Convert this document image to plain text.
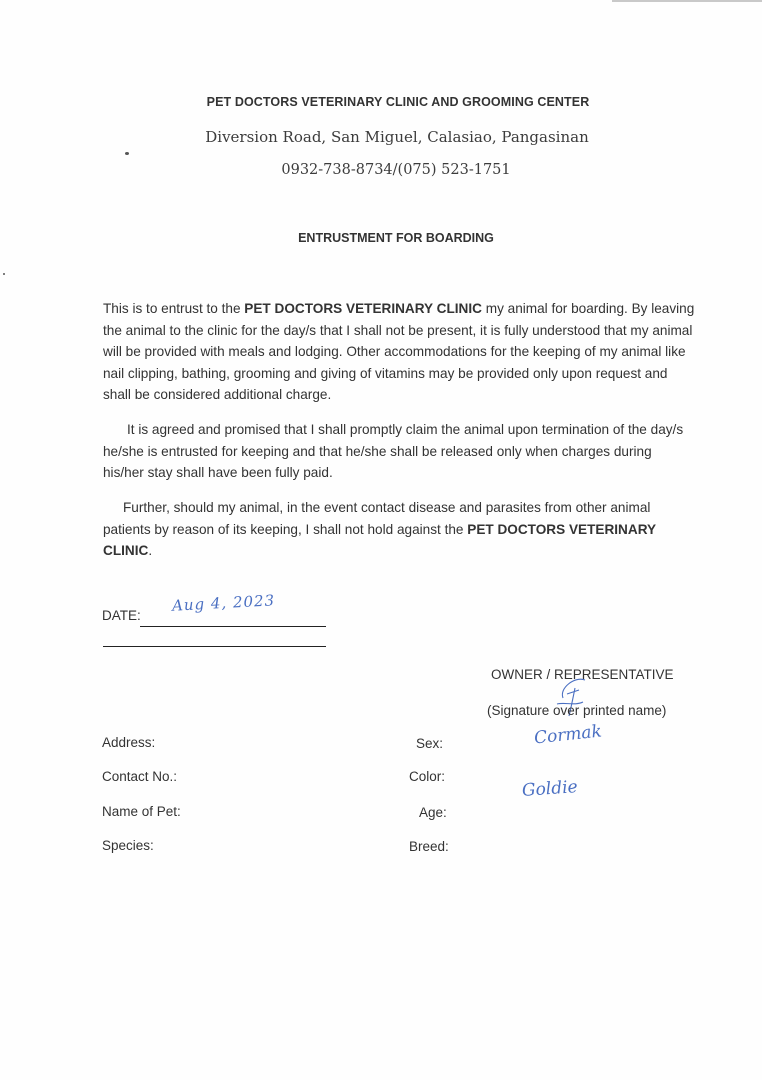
PET DOCTORS VETERINARY CLINIC AND GROOMING CENTER
Diversion Road, San Miguel, Calasiao, Pangasinan
0932-738-8734/(075) 523-1751
ENTRUSTMENT FOR BOARDING

This is to entrust to the PET DOCTORS VETERINARY CLINIC my animal for boarding. By leaving the animal to the clinic for the day/s that I shall not be present, it is fully understood that my animal will be provided with meals and lodging. Other accommodations for the keeping of my animal like nail clipping, bathing, grooming and giving of vitamins may be provided only upon request and shall be considered additional charge.

It is agreed and promised that I shall promptly claim the animal upon termination of the day/s he/she is entrusted for keeping and that he/she shall be released only when charges during his/her stay shall have been fully paid.

Further, should my animal, in the event contact disease and parasites from other animal patients by reason of its keeping, I shall not hold against the PET DOCTORS VETERINARY CLINIC.

DATE:
Aug 4, 2023
OWNER / REPRESENTATIVE
(Signature over printed name)
Address:
Contact No.:
Name of Pet:
Species:
Sex:
Color:
Age:
Breed:
Cormak
Goldie
